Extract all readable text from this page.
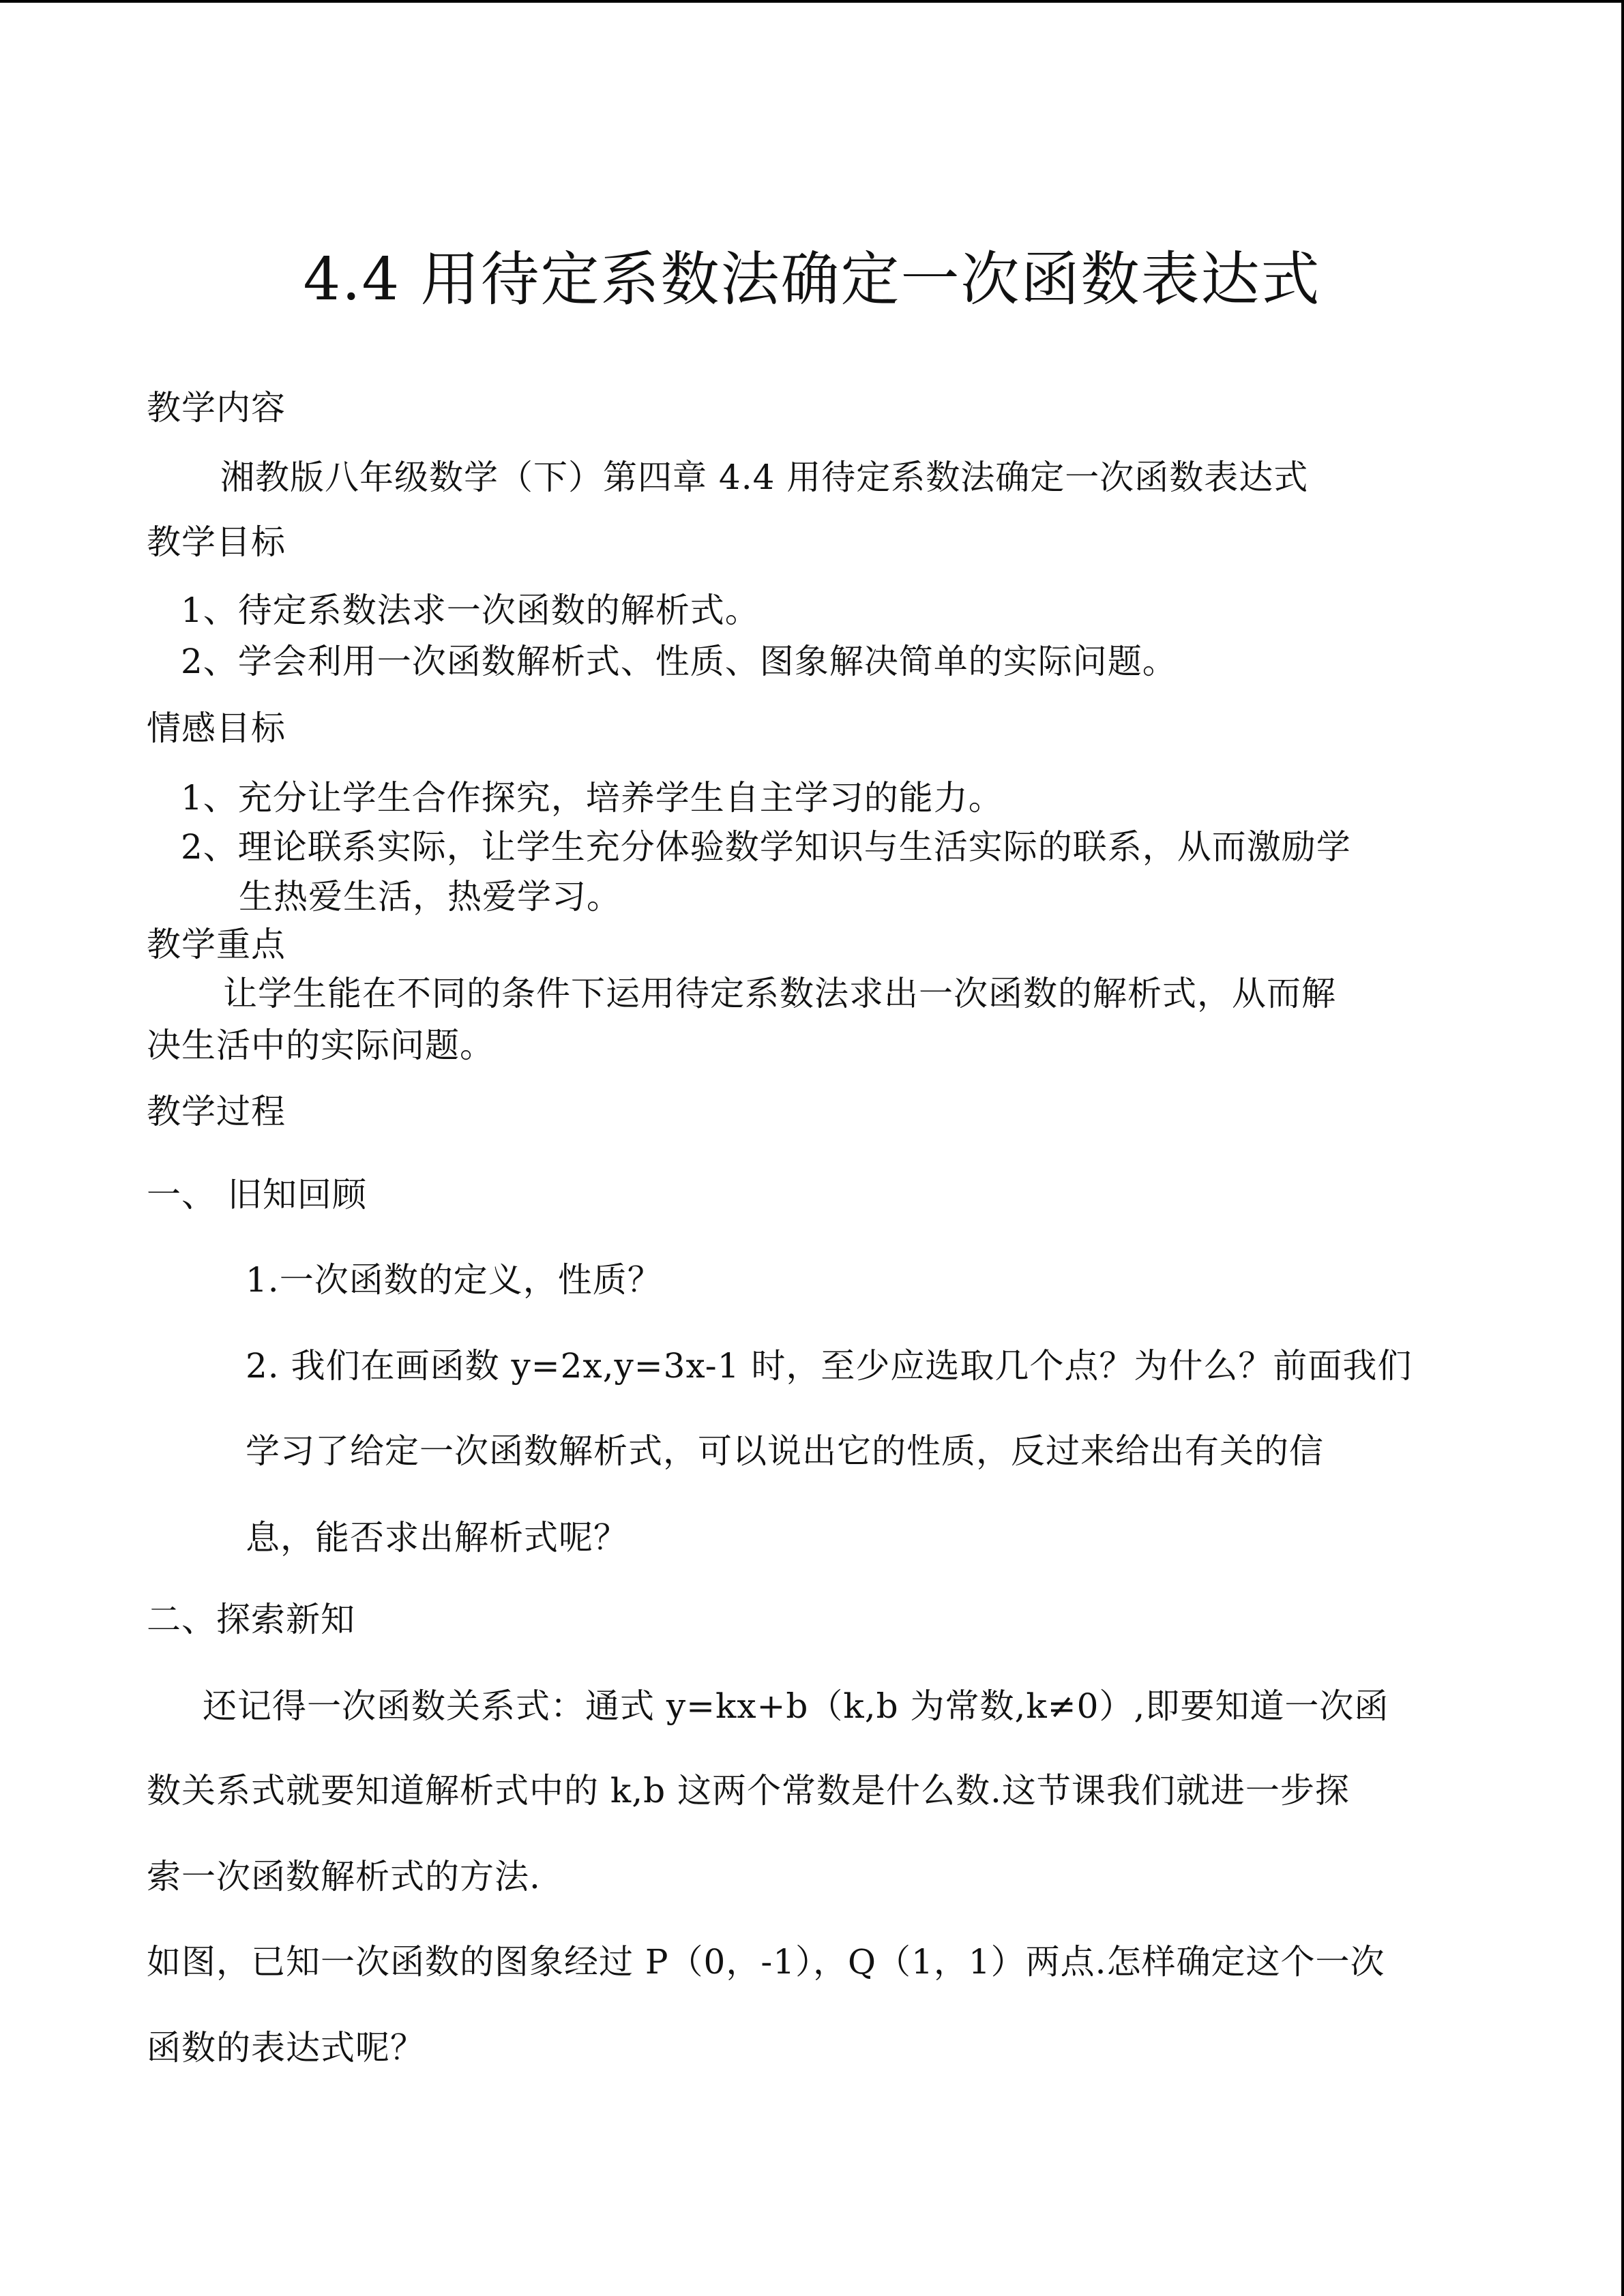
4.4 用待定系数法确定一次函数表达式
教学内容
湘教版八年级数学（下）第四章 4.4 用待定系数法确定一次函数表达式
教学目标
1、待定系数法求一次函数的解析式。
2、学会利用一次函数解析式、性质、图象解决简单的实际问题。
情感目标
1、充分让学生合作探究，培养学生自主学习的能力。
2、理论联系实际，让学生充分体验数学知识与生活实际的联系，从而激励学
生热爱生活，热爱学习。
教学重点
让学生能在不同的条件下运用待定系数法求出一次函数的解析式，从而解
决生活中的实际问题。
教学过程
一、 旧知回顾
1.一次函数的定义，性质？
2. 我们在画函数 y=2x,y=3x-1 时，至少应选取几个点？为什么？前面我们
学习了给定一次函数解析式，可以说出它的性质，反过来给出有关的信
息，能否求出解析式呢？
二、探索新知
还记得一次函数关系式：通式 y=kx+b（k,b 为常数,k≠0）,即要知道一次函
数关系式就要知道解析式中的 k,b 这两个常数是什么数.这节课我们就进一步探
索一次函数解析式的方法.
如图，已知一次函数的图象经过 P（0，-1），Q（1，1）两点.怎样确定这个一次
函数的表达式呢？
